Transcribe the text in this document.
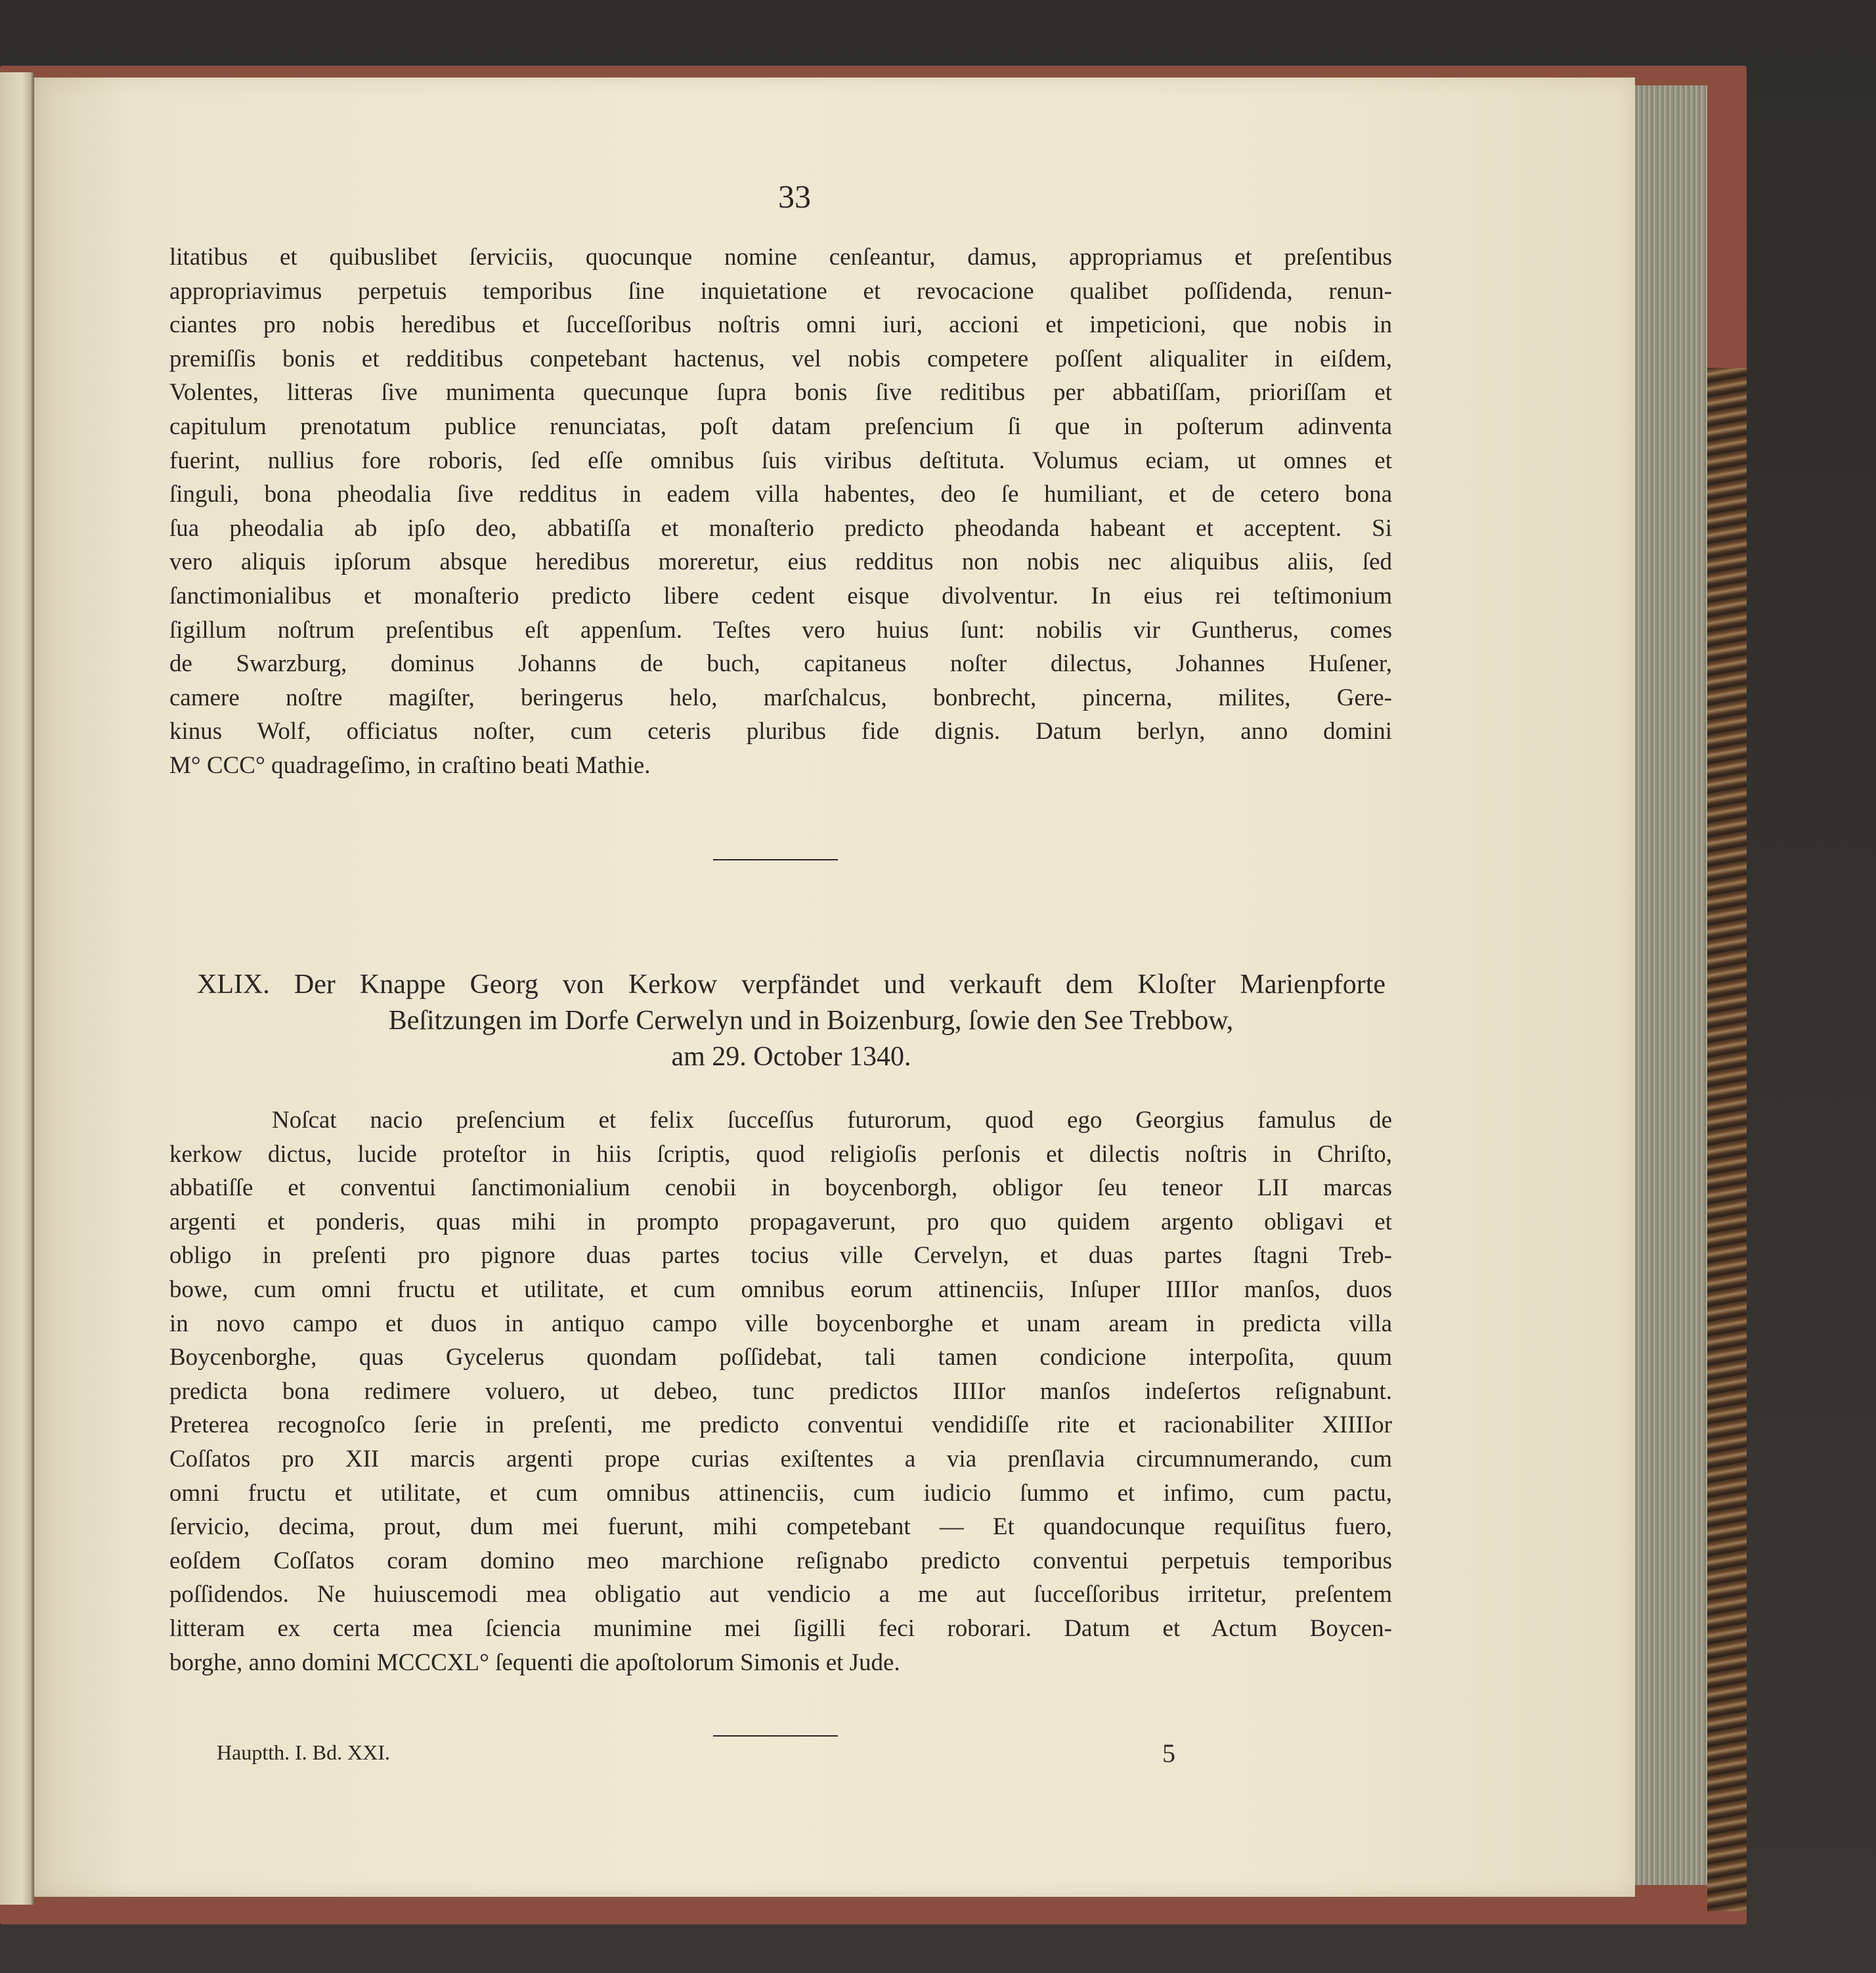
33

litatibus et quibuslibet ſerviciis, quocunque nomine cenſeantur, damus, appropriamus et preſentibus
appropriavimus perpetuis temporibus ſine inquietatione et revocacione qualibet poſſidenda, renun-
ciantes pro nobis heredibus et ſucceſſoribus noſtris omni iuri, accioni et impeticioni, que nobis in
premiſſis bonis et redditibus conpetebant hactenus, vel nobis competere poſſent aliqualiter in eiſdem,
Volentes, litteras ſive munimenta quecunque ſupra bonis ſive reditibus per abbatiſſam, prioriſſam et
capitulum prenotatum publice renunciatas, poſt datam preſencium ſi que in poſterum adinventa
fuerint, nullius fore roboris, ſed eſſe omnibus ſuis viribus deſtituta. Volumus eciam, ut omnes et
ſinguli, bona pheodalia ſive redditus in eadem villa habentes, deo ſe humiliant, et de cetero bona
ſua pheodalia ab ipſo deo, abbatiſſa et monaſterio predicto pheodanda habeant et acceptent. Si
vero aliquis ipſorum absque heredibus moreretur, eius redditus non nobis nec aliquibus aliis, ſed
ſanctimonialibus et monaſterio predicto libere cedent eisque divolventur. In eius rei teſtimonium
ſigillum noſtrum preſentibus eſt appenſum. Teſtes vero huius ſunt: nobilis vir Guntherus, comes
de Swarzburg, dominus Johanns de buch, capitaneus noſter dilectus, Johannes Huſener,
camere noſtre magiſter, beringerus helo, marſchalcus, bonbrecht, pincerna, milites, Gere-
kinus Wolf, officiatus noſter, cum ceteris pluribus fide dignis. Datum berlyn, anno domini
M° CCC° quadrageſimo, in craſtino beati Mathie.

XLIX. Der Knappe Georg von Kerkow verpfändet und verkauft dem Kloſter Marienpforte
Beſitzungen im Dorfe Cerwelyn und in Boizenburg, ſowie den See Trebbow,
am 29. October 1340.

Noſcat nacio preſencium et felix ſucceſſus futurorum, quod ego Georgius famulus de
kerkow dictus, lucide proteſtor in hiis ſcriptis, quod religioſis perſonis et dilectis noſtris in Chriſto,
abbatiſſe et conventui ſanctimonialium cenobii in boycenborgh, obligor ſeu teneor LII marcas
argenti et ponderis, quas mihi in prompto propagaverunt, pro quo quidem argento obligavi et
obligo in preſenti pro pignore duas partes tocius ville Cervelyn, et duas partes ſtagni Treb-
bowe, cum omni fructu et utilitate, et cum omnibus eorum attinenciis, Inſuper IIIIor manſos, duos
in novo campo et duos in antiquo campo ville boycenborghe et unam aream in predicta villa
Boycenborghe, quas Gycelerus quondam poſſidebat, tali tamen condicione interpoſita, quum
predicta bona redimere voluero, ut debeo, tunc predictos IIIIor manſos indeſertos reſignabunt.
Preterea recognoſco ſerie in preſenti, me predicto conventui vendidiſſe rite et racionabiliter XIIIIor
Coſſatos pro XII marcis argenti prope curias exiſtentes a via prenſlavia circumnumerando, cum
omni fructu et utilitate, et cum omnibus attinenciis, cum iudicio ſummo et infimo, cum pactu,
ſervicio, decima, prout, dum mei fuerunt, mihi competebant — Et quandocunque requiſitus fuero,
eoſdem Coſſatos coram domino meo marchione reſignabo predicto conventui perpetuis temporibus
poſſidendos. Ne huiuscemodi mea obligatio aut vendicio a me aut ſucceſſoribus irritetur, preſentem
litteram ex certa mea ſciencia munimine mei ſigilli feci roborari. Datum et Actum Boycen-
borghe, anno domini MCCCXL° ſequenti die apoſtolorum Simonis et Jude.

Hauptth. I. Bd. XXI.	5
